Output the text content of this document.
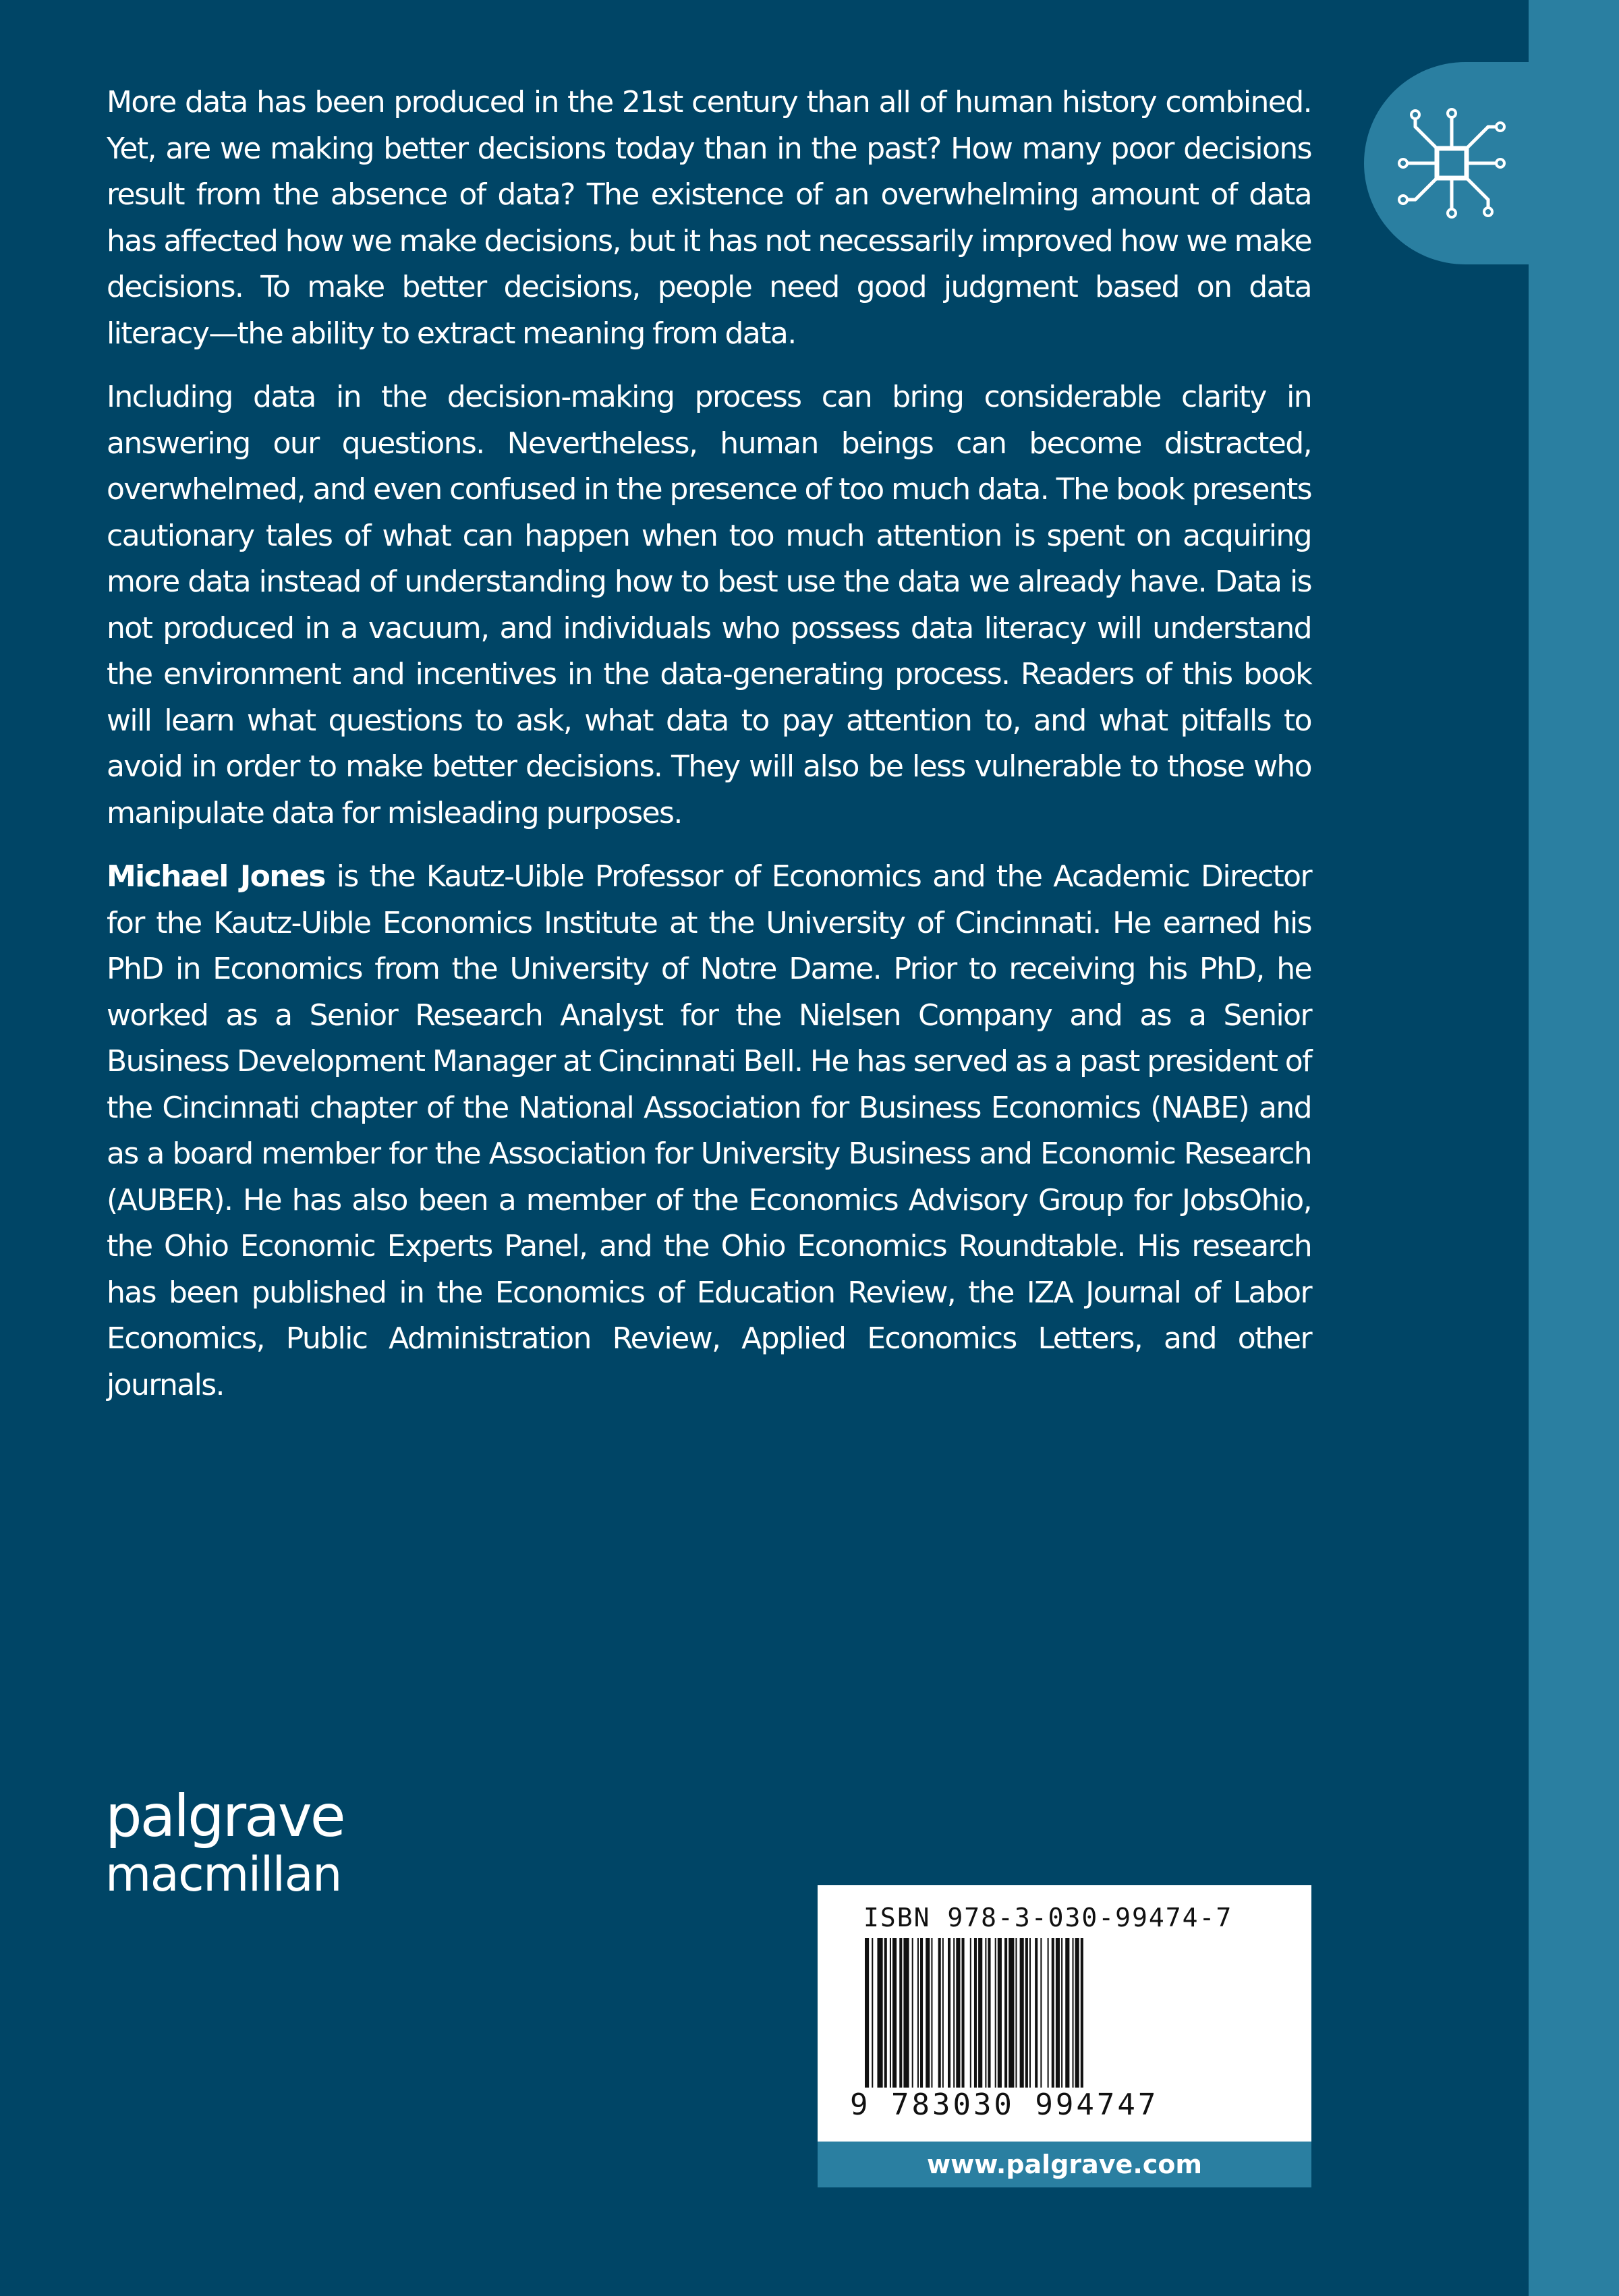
More data has been produced in the 21st century than all of human history combined. Yet, are we making better decisions today than in the past? How many poor decisions result from the absence of data? The existence of an overwhelming amount of data has affected how we make decisions, but it has not necessarily improved how we make decisions. To make better decisions, people need good judgment based on data literacy—the ability to extract meaning from data.

Including data in the decision-making process can bring considerable clarity in answering our questions. Nevertheless, human beings can become distracted, overwhelmed, and even confused in the presence of too much data. The book presents cautionary tales of what can happen when too much attention is spent on acquiring more data instead of understanding how to best use the data we already have. Data is not produced in a vacuum, and individuals who possess data literacy will understand the environment and incentives in the data-generating process. Readers of this book will learn what questions to ask, what data to pay attention to, and what pitfalls to avoid in order to make better decisions. They will also be less vulnerable to those who manipulate data for misleading purposes.

Michael Jones is the Kautz-Uible Professor of Economics and the Academic Director for the Kautz-Uible Economics Institute at the University of Cincinnati. He earned his PhD in Economics from the University of Notre Dame. Prior to receiving his PhD, he worked as a Senior Research Analyst for the Nielsen Company and as a Senior Business Development Manager at Cincinnati Bell. He has served as a past president of the Cincinnati chapter of the National Association for Business Economics (NABE) and as a board member for the Association for University Business and Economic Research (AUBER). He has also been a member of the Economics Advisory Group for JobsOhio, the Ohio Economic Experts Panel, and the Ohio Economics Roundtable. His research has been published in the Economics of Education Review, the IZA Journal of Labor Economics, Public Administration Review, Applied Economics Letters, and other journals.

palgrave
macmillan
ISBN 978-3-030-99474-7
9 783030 994747
www.palgrave.com
